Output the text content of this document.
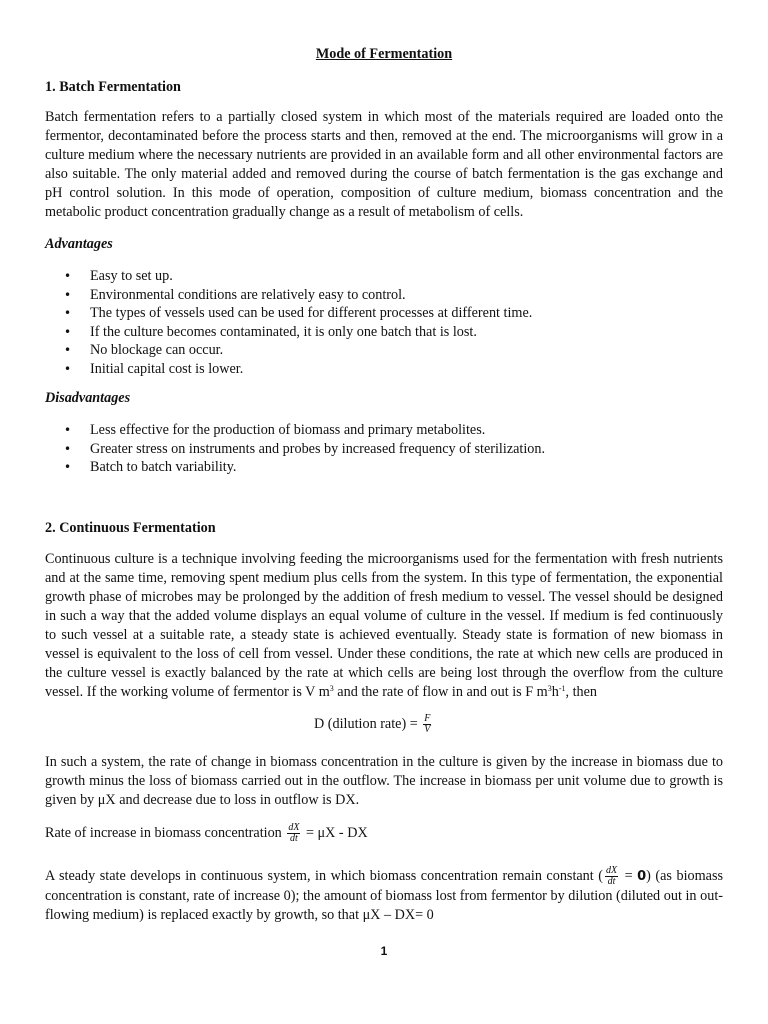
Mode of Fermentation
1. Batch Fermentation

Batch fermentation refers to a partially closed system in which most of the materials required are loaded onto the fermentor, decontaminated before the process starts and then, removed at the end. The microorganisms will grow in a culture medium where the necessary nutrients are provided in an available form and all other environmental factors are also suitable. The only material added and removed during the course of batch fermentation is the gas exchange and pH control solution. In this mode of operation, composition of culture medium, biomass concentration and the metabolic product concentration gradually change as a result of metabolism of cells.

Advantages
• Easy to set up.
• Environmental conditions are relatively easy to control.
• The types of vessels used can be used for different processes at different time.
• If the culture becomes contaminated, it is only one batch that is lost.
• No blockage can occur.
• Initial capital cost is lower.
Disadvantages
• Less effective for the production of biomass and primary metabolites.
• Greater stress on instruments and probes by increased frequency of sterilization.
• Batch to batch variability.
2. Continuous Fermentation

Continuous culture is a technique involving feeding the microorganisms used for the fermentation with fresh nutrients and at the same time, removing spent medium plus cells from the system. In this type of fermentation, the exponential growth phase of microbes may be prolonged by the addition of fresh medium to vessel. The vessel should be designed in such a way that the added volume displays an equal volume of culture in the vessel. If medium is fed continuously to such vessel at a suitable rate, a steady state is achieved eventually. Steady state is formation of new biomass in vessel is equivalent to the loss of cell from vessel. Under these conditions, the rate at which new cells are produced in the culture vessel is exactly balanced by the rate at which cells are being lost through the overflow from the culture vessel. If the working volume of fermentor is V $m^3$ and the rate of flow in and out is F $m^3h^{-1}$, then

D (dilution rate) = $\frac{F}{V}$

In such a system, the rate of change in biomass concentration in the culture is given by the increase in biomass due to growth minus the loss of biomass carried out in the outflow. The increase in biomass per unit volume due to growth is given by μX and decrease due to loss in outflow is DX.

Rate of increase in biomass concentration $\frac{dX}{dt} = \mu X$ - DX

A steady state develops in continuous system, in which biomass concentration remain constant ( $\frac{dX}{dt} = 0$) (as biomass concentration is constant, rate of increase 0); the amount of biomass lost from fermentor by dilution (diluted out in out-flowing medium) is replaced exactly by growth, so that μX – DX= 0

1
